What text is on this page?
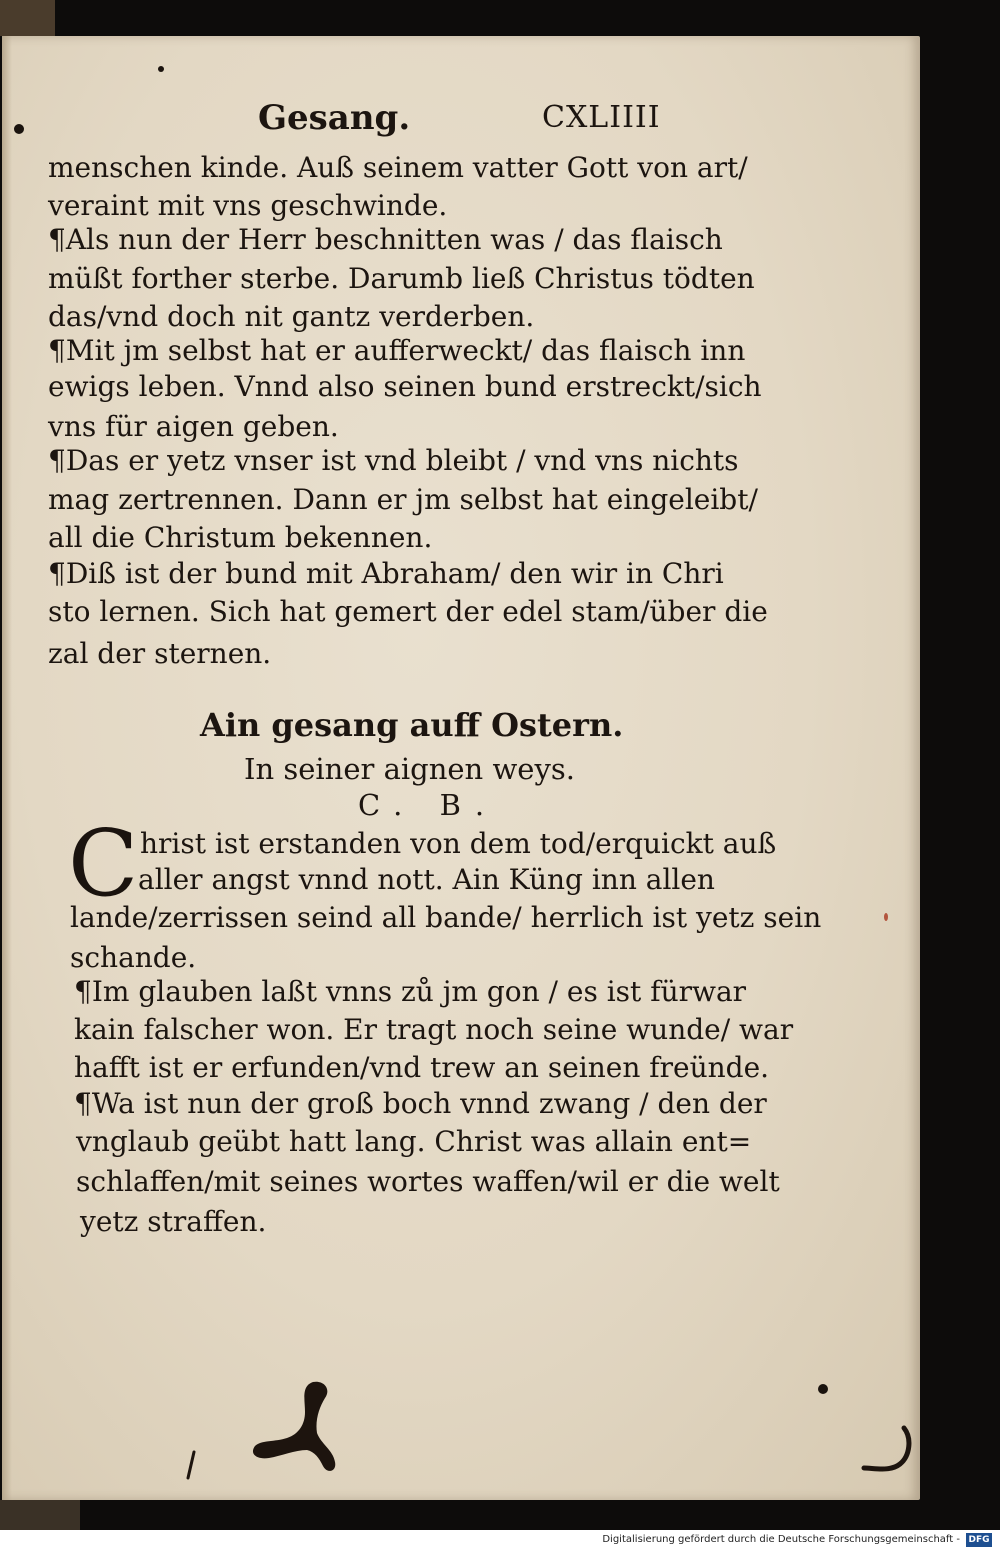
Gesang.	CXLIIII
menschen kinde. Auß seinem vatter Gott von art/
veraint mit vns geschwinde.
¶Als nun der Herr beschnitten was / das flaisch
müßt forther sterbe. Darumb ließ Christus tödten
das/vnd doch nit gantz verderben.
¶Mit jm selbst hat er aufferweckt/ das flaisch inn
ewigs leben. Vnnd also seinen bund erstreckt/sich
vns für aigen geben.
¶Das er yetz vnser ist vnd bleibt / vnd vns nichts
mag zertrennen. Dann er jm selbst hat eingeleibt/
all die Christum bekennen.
¶Diß ist der bund mit Abraham/ den wir in Chri
sto lernen. Sich hat gemert der edel stam/über die
zal der sternen.
Ain gesang auff Ostern.
In seiner aignen weys.
C. B.
C hrist ist erstanden von dem tod/erquickt auß
aller angst vnnd nott. Ain Küng inn allen
lande/zerrissen seind all bande/ herrlich ist yetz sein
schande.
¶Im glauben laßt vnns zů jm gon / es ist fürwar
kain falscher won. Er tragt noch seine wunde/ war
hafft ist er erfunden/vnd trew an seinen freünde.
¶Wa ist nun der groß boch vnnd zwang / den der
vnglaub geübt hatt lang. Christ was allain ent=
schlaffen/mit seines wortes waffen/wil er die welt
yetz straffen.
Digitalisierung gefördert durch die Deutsche Forschungsgemeinschaft - DFG
